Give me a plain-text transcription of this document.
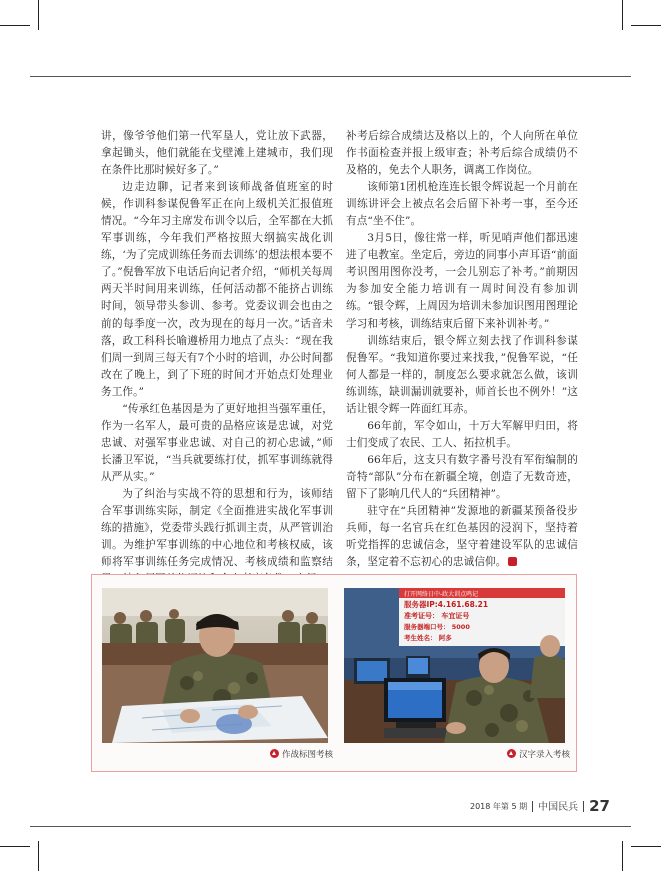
讲，像爷爷他们第一代军垦人，党让放下武器，拿起锄头，他们就能在戈壁滩上建城市，我们现在条件比那时候好多了。”

边走边聊，记者来到该师战备值班室的时候，作训科参谋倪鲁军正在向上级机关汇报值班情况。“今年习主席发布训令以后，全军都在大抓军事训练，今年我们严格按照大纲搞实战化训练，‘为了完成训练任务而去训练’的想法根本要不了。”倪鲁军放下电话后向记者介绍，“师机关每周两天半时间用来训练，任何活动都不能挤占训练时间，领导带头参训、参考。党委议训会也由之前的每季度一次，改为现在的每月一次。”话音未落，政工科科长喻遵桥用力地点了点头：“现在我们周一到周三每天有7个小时的培训，办公时间都改在了晚上，到了下班的时间才开始点灯处理业务工作。”

“传承红色基因是为了更好地担当强军重任，作为一名军人，最可贵的品格应该是忠诚，对党忠诚、对强军事业忠诚、对自己的初心忠诚，”师长潘卫军说，“当兵就要练打仗，抓军事训练就得从严从实。”

为了纠治与实战不符的思想和行为，该师结合军事训练实际，制定《全面推进实战化军事训练的措施》，党委带头践行抓训主责，从严管训治训。为维护军事训练的中心地位和考核权威，该师将军事训练任务完成情况、考核成绩和监察结

补考后综合成绩达及格以上的，个人向所在单位作书面检查并报上级审查；补考后综合成绩仍不及格的，免去个人职务，调离工作岗位。

该师第1团机枪连连长银令辉说起一个月前在训练讲评会上被点名会后留下补考一事，至今还有点“坐不住”。

3月5日，像往常一样，听见哨声他们都迅速进了电教室。坐定后，旁边的同事小声耳语“前面考识图用图你没考，一会儿别忘了补考。”前期因为参加安全能力培训有一周时间没有参加训练。“银令辉，上周因为培训未参加识图用图理论学习和考核，训练结束后留下来补训补考。”

训练结束后，银令辉立刻去找了作训科参谋倪鲁军。“我知道你要过来找我，”倪鲁军说，“任何人都是一样的，制度怎么要求就怎么做，该训练训练，缺训漏训就要补，师首长也不例外！”这话让银令辉一阵面红耳赤。

66年前，军令如山，十万大军解甲归田，将士们变成了农民、工人、拓拉机手。

66年后，这支只有数字番号没有军衔编制的奇特“部队”分布在新疆全境，创造了无数奇迹，留下了影响几代人的“兵团精神”。

驻守在“兵团精神”发源地的新疆某预备役步兵师，每一名官兵在红色基因的浸润下，坚持着听党指挥的忠诚信念，坚守着建设军队的忠诚信条，坚定着不忘初心的忠诚信仰。

打开网络日中-政大训点鸣记
服务器IP:4.161.68.21
准考证号： 车宜证号
服务器端口号： 5000
考生姓名： 阿多
作战标图考核	汉字录入考核
2018 年第 5 期 中国民兵 27
